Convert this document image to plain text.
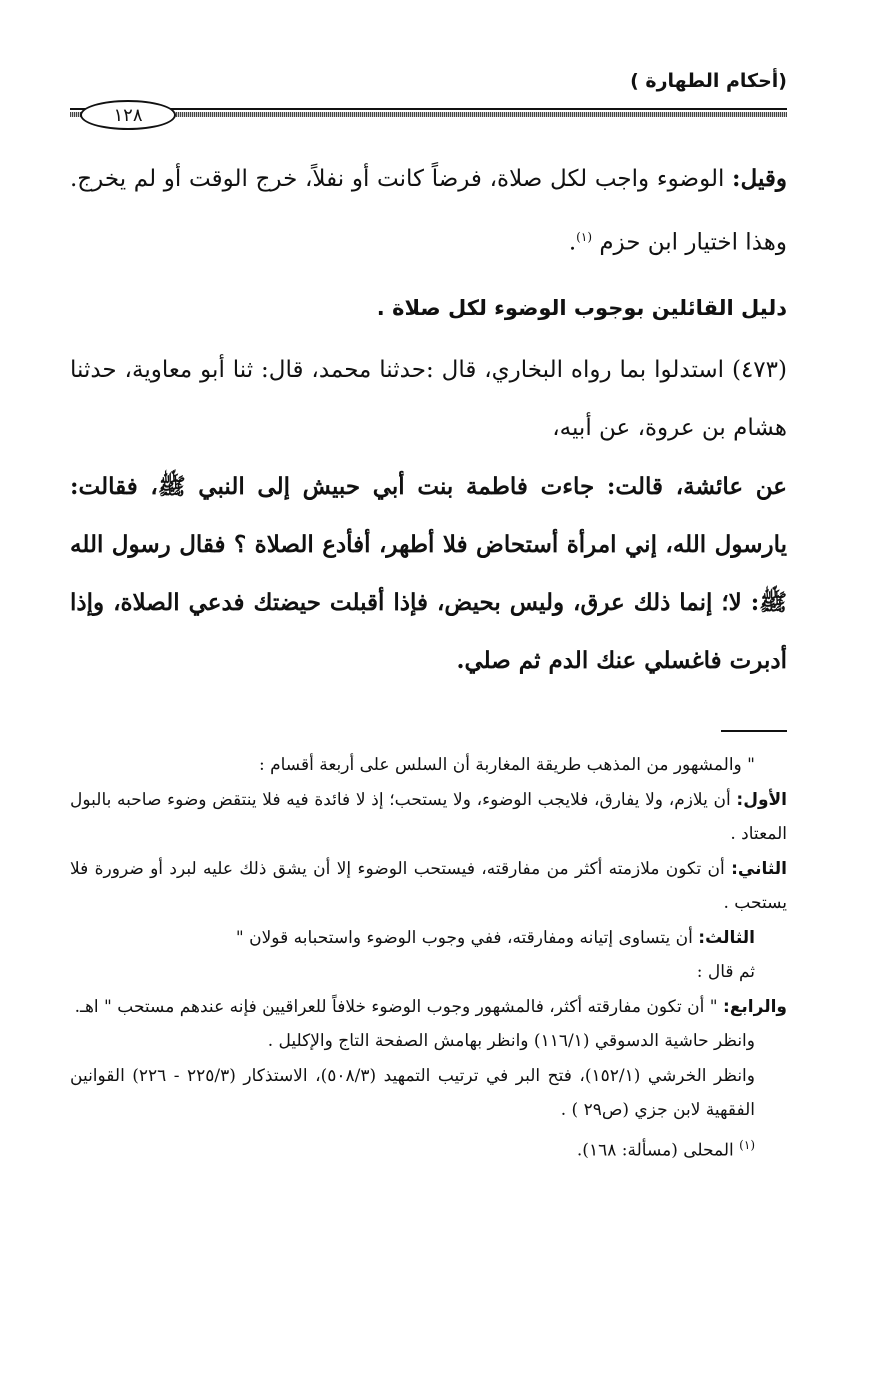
(أحكام الطهارة )
١٢٨

وقيل: الوضوء واجب لكل صلاة، فرضاً كانت أو نفلاً، خرج الوقت أو لم يخرج. وهذا اختيار ابن حزم $^{(١)}$.

دليل القائلين بوجوب الوضوء لكل صلاة .

(٤٧٣) استدلوا بما رواه البخاري، قال :حدثنا محمد، قال: ثنا أبو معاوية، حدثنا هشام بن عروة، عن أبيه،

عن عائشة، قالت: جاءت فاطمة بنت أبي حبيش إلى النبي ﷺ، فقالت: يارسول الله، إني امرأة أستحاض فلا أطهر، أفأدع الصلاة ؟ فقال رسول الله ﷺ: لا؛ إنما ذلك عرق، وليس بحيض، فإذا أقبلت حيضتك فدعي الصلاة، وإذا أدبرت فاغسلي عنك الدم ثم صلي.

" والمشهور من المذهب طريقة المغاربة أن السلس على أربعة أقسام :

الأول: أن يلازم، ولا يفارق، فلايجب الوضوء، ولا يستحب؛ إذ لا فائدة فيه فلا ينتقض وضوء صاحبه بالبول المعتاد .

الثاني: أن تكون ملازمته أكثر من مفارقته، فيستحب الوضوء إلا أن يشق ذلك عليه لبرد أو ضرورة فلا يستحب .

الثالث: أن يتساوى إتيانه ومفارقته، ففي وجوب الوضوء واستحبابه قولان "

ثم قال :

والرابع: " أن تكون مفارقته أكثر، فالمشهور وجوب الوضوء خلافاً للعراقيين فإنه عندهم مستحب " اهـ.

وانظر حاشية الدسوقي (١١٦/١) وانظر بهامش الصفحة التاج والإكليل .

وانظر الخرشي (١٥٢/١)، فتح البر في ترتيب التمهيد (٥٠٨/٣)، الاستذكار (٢٢٥/٣ - ٢٢٦) القوانين الفقهية لابن جزي (ص٢٩ ) .

$^{(١)}$ المحلى (مسألة: ١٦٨).
